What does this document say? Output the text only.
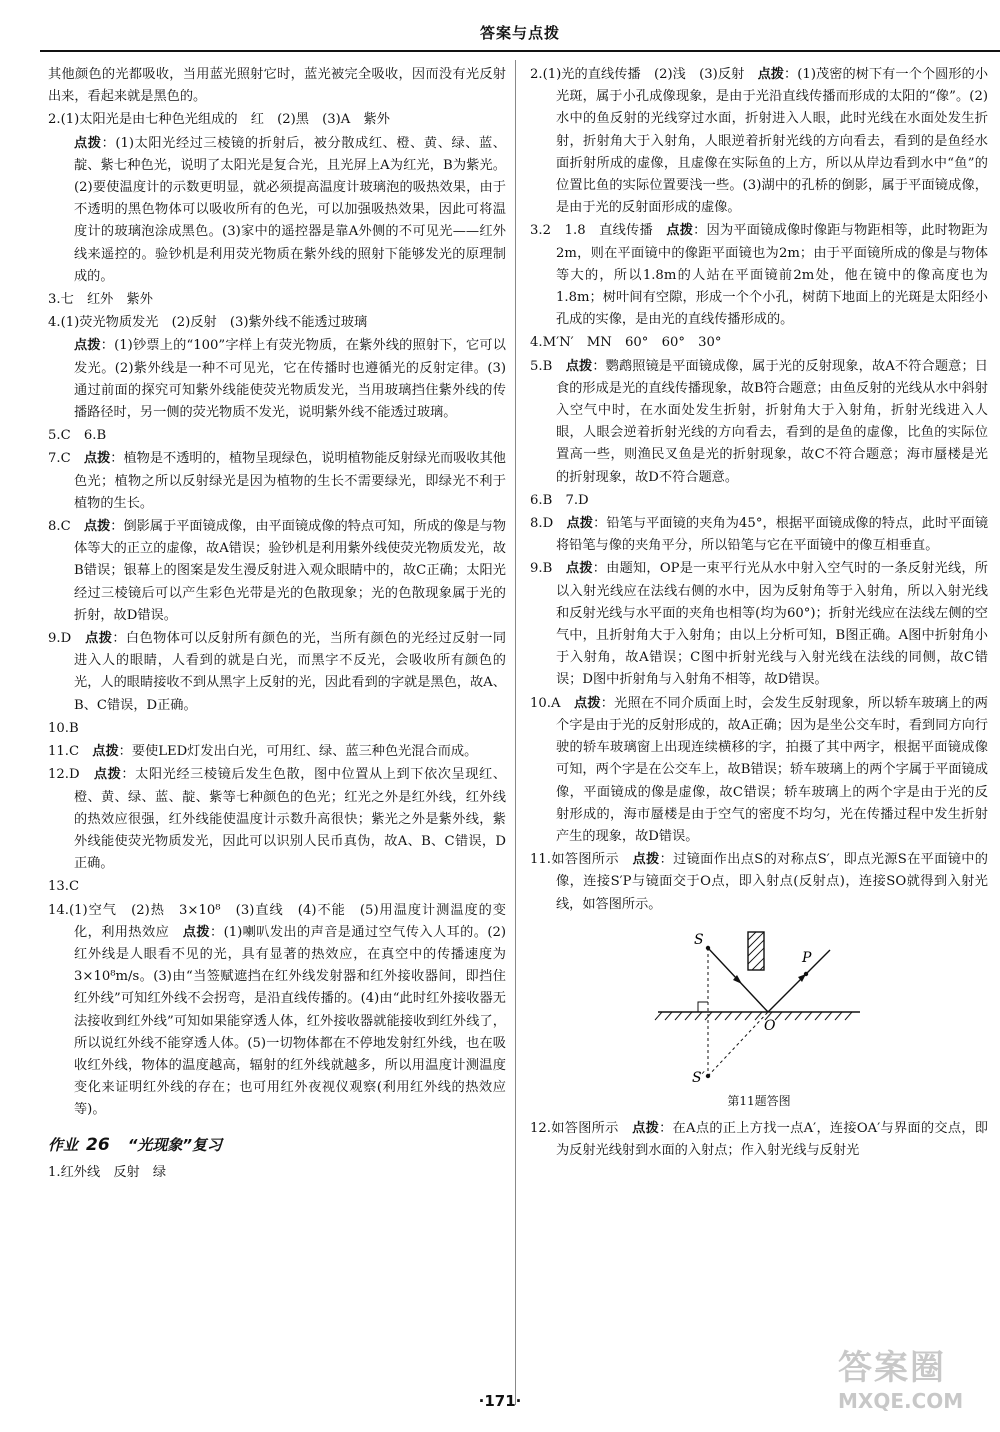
答案与点拨
其他颜色的光都吸收，当用蓝光照射它时，蓝光被完全吸收，因而没有光反射出来，看起来就是黑色的。
2.(1)太阳光是由七种色光组成的　红　(2)黑　(3)A　紫外
点拨：(1)太阳光经过三棱镜的折射后，被分散成红、橙、黄、绿、蓝、靛、紫七种色光，说明了太阳光是复合光，且光屏上A为红光，B为紫光。(2)要使温度计的示数更明显，就必须提高温度计玻璃泡的吸热效果，由于不透明的黑色物体可以吸收所有的色光，可以加强吸热效果，因此可将温度计的玻璃泡涂成黑色。(3)家中的遥控器是靠A外侧的不可见光——红外线来遥控的。验钞机是利用荧光物质在紫外线的照射下能够发光的原理制成的。
3.七　红外　紫外
4.(1)荧光物质发光　(2)反射　(3)紫外线不能透过玻璃
点拨：(1)钞票上的“100”字样上有荧光物质，在紫外线的照射下，它可以发光。(2)紫外线是一种不可见光，它在传播时也遵循光的反射定律。(3)通过前面的探究可知紫外线能使荧光物质发光，当用玻璃挡住紫外线的传播路径时，另一侧的荧光物质不发光，说明紫外线不能透过玻璃。
5.C　6.B
7.C　点拨：植物是不透明的，植物呈现绿色，说明植物能反射绿光而吸收其他色光；植物之所以反射绿光是因为植物的生长不需要绿光，即绿光不利于植物的生长。
8.C　点拨：倒影属于平面镜成像，由平面镜成像的特点可知，所成的像是与物体等大的正立的虚像，故A错误；验钞机是利用紫外线使荧光物质发光，故B错误；银幕上的图案是发生漫反射进入观众眼睛中的，故C正确；太阳光经过三棱镜后可以产生彩色光带是光的色散现象；光的色散现象属于光的折射，故D错误。
9.D　点拨：白色物体可以反射所有颜色的光，当所有颜色的光经过反射一同进入人的眼睛，人看到的就是白光，而黑字不反光，会吸收所有颜色的光，人的眼睛接收不到从黑字上反射的光，因此看到的字就是黑色，故A、B、C错误，D正确。
10.B
11.C　点拨：要使LED灯发出白光，可用红、绿、蓝三种色光混合而成。
12.D　点拨：太阳光经三棱镜后发生色散，图中位置从上到下依次呈现红、橙、黄、绿、蓝、靛、紫等七种颜色的色光；红光之外是红外线，红外线的热效应很强，红外线能使温度计示数升高很快；紫光之外是紫外线，紫外线能使荧光物质发光，因此可以识别人民币真伪，故A、B、C错误，D正确。
13.C
14.(1)空气　(2)热　3×10⁸　(3)直线　(4)不能　(5)用温度计测温度的变化，利用热效应　点拨：(1)喇叭发出的声音是通过空气传入人耳的。(2)红外线是人眼看不见的光，具有显著的热效应，在真空中的传播速度为3×10⁸m/s。(3)由“当签赋遮挡在红外线发射器和红外接收器间，即挡住红外线”可知红外线不会拐弯，是沿直线传播的。(4)由“此时红外接收器无法接收到红外线”可知如果能穿透人体，红外接收器就能接收到红外线了，所以说红外线不能穿透人体。(5)一切物体都在不停地发射红外线，也在吸收红外线，物体的温度越高，辐射的红外线就越多，所以用温度计测温度变化来证明红外线的存在；也可用红外夜视仪观察(利用红外线的热效应等)。
作业 26 “光现象”复习
1.红外线　反射　绿
2.(1)光的直线传播　(2)浅　(3)反射　点拨：(1)茂密的树下有一个个圆形的小光斑，属于小孔成像现象，是由于光沿直线传播而形成的太阳的“像”。(2)水中的鱼反射的光线穿过水面，折射进入人眼，此时光线在水面处发生折射，折射角大于入射角，人眼逆着折射光线的方向看去，看到的是鱼经水面折射所成的虚像，且虚像在实际鱼的上方，所以从岸边看到水中“鱼”的位置比鱼的实际位置要浅一些。(3)湖中的孔桥的倒影，属于平面镜成像，是由于光的反射面形成的虚像。
3.2　1.8　直线传播　点拨：因为平面镜成像时像距与物距相等，此时物距为2m，则在平面镜中的像距平面镜也为2m；由于平面镜所成的像是与物体等大的，所以1.8m的人站在平面镜前2m处，他在镜中的像高度也为1.8m；树叶间有空隙，形成一个个小孔，树荫下地面上的光斑是太阳经小孔成的实像，是由光的直线传播形成的。
4.M′N′　MN　60°　60°　30°
5.B　点拨：鹦鹉照镜是平面镜成像，属于光的反射现象，故A不符合题意；日食的形成是光的直线传播现象，故B符合题意；由鱼反射的光线从水中斜射入空气中时，在水面处发生折射，折射角大于入射角，折射光线进入人眼，人眼会逆着折射光线的方向看去，看到的是鱼的虚像，比鱼的实际位置高一些，则渔民叉鱼是光的折射现象，故C不符合题意；海市蜃楼是光的折射现象，故D不符合题意。
6.B　7.D
8.D　点拨：铅笔与平面镜的夹角为45°，根据平面镜成像的特点，此时平面镜将铅笔与像的夹角平分，所以铅笔与它在平面镜中的像互相垂直。
9.B　点拨：由题知，OP是一束平行光从水中射入空气时的一条反射光线，所以入射光线应在法线右侧的水中，因为反射角等于入射角，所以入射光线和反射光线与水平面的夹角也相等(均为60°)；折射光线应在法线左侧的空气中，且折射角大于入射角；由以上分析可知，B图正确。A图中折射角小于入射角，故A错误；C图中折射光线与入射光线在法线的同侧，故C错误；D图中折射角与入射角不相等，故D错误。
10.A　点拨：光照在不同介质面上时，会发生反射现象，所以轿车玻璃上的两个字是由于光的反射形成的，故A正确；因为是坐公交车时，看到同方向行驶的轿车玻璃窗上出现连续横移的字，拍摄了其中两字，根据平面镜成像可知，两个字是在公交车上，故B错误；轿车玻璃上的两个字属于平面镜成像，平面镜成的像是虚像，故C错误；轿车玻璃上的两个字是由于光的反射形成的，海市蜃楼是由于空气的密度不均匀，光在传播过程中发生折射产生的现象，故D错误。
11.如答图所示　点拨：过镜面作出点S的对称点S′，即点光源S在平面镜中的像，连接S′P与镜面交于O点，即入射点(反射点)，连接SO就得到入射光线，如答图所示。
S
P
O
S′
第11题答图
12.如答图所示　点拨：在A点的正上方找一点A′，连接OA′与界面的交点，即为反射光线射到水面的入射点；作入射光线与反射光
·171·
答案圈
MXQE.COM
